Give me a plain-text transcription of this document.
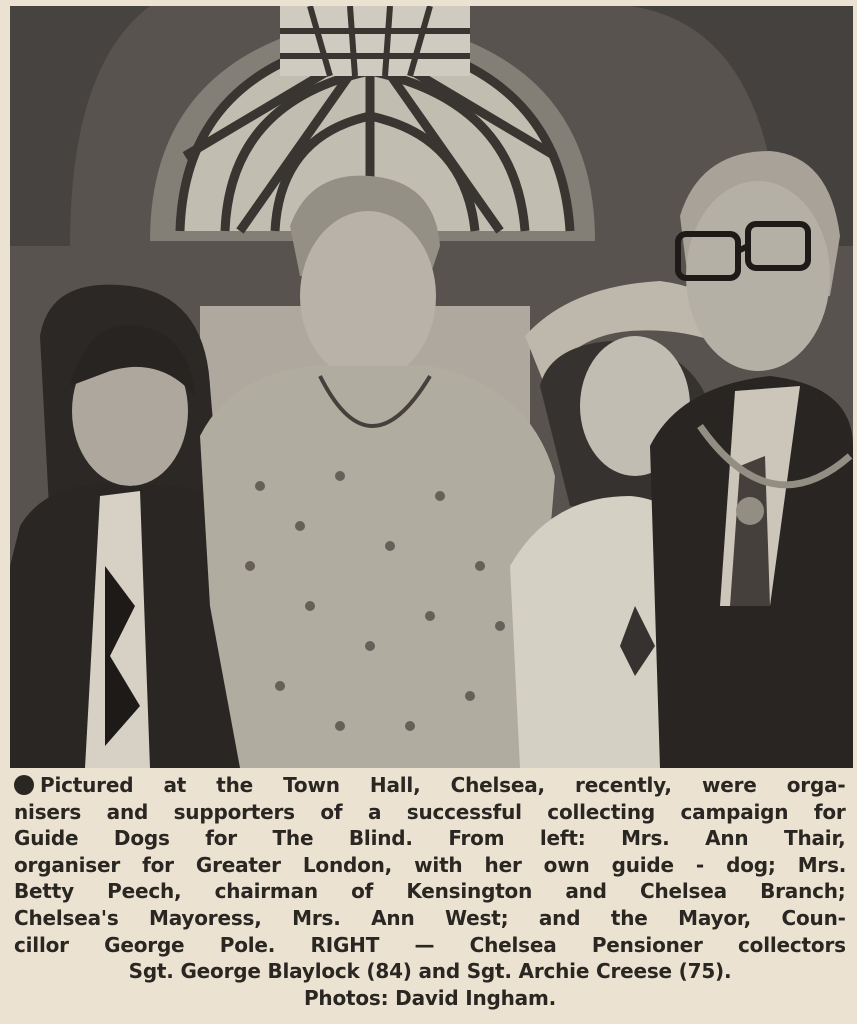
Pictured at the Town Hall, Chelsea, recently, were orga-
nisers and supporters of a successful collecting campaign for
Guide Dogs for The Blind. From left: Mrs. Ann Thair,
organiser for Greater London, with her own guide - dog; Mrs.
Betty Peech, chairman of Kensington and Chelsea Branch;
Chelsea's Mayoress, Mrs. Ann West; and the Mayor, Coun-
cillor George Pole. RIGHT — Chelsea Pensioner collectors
Sgt. George Blaylock (84) and Sgt. Archie Creese (75).
Photos: David Ingham.
